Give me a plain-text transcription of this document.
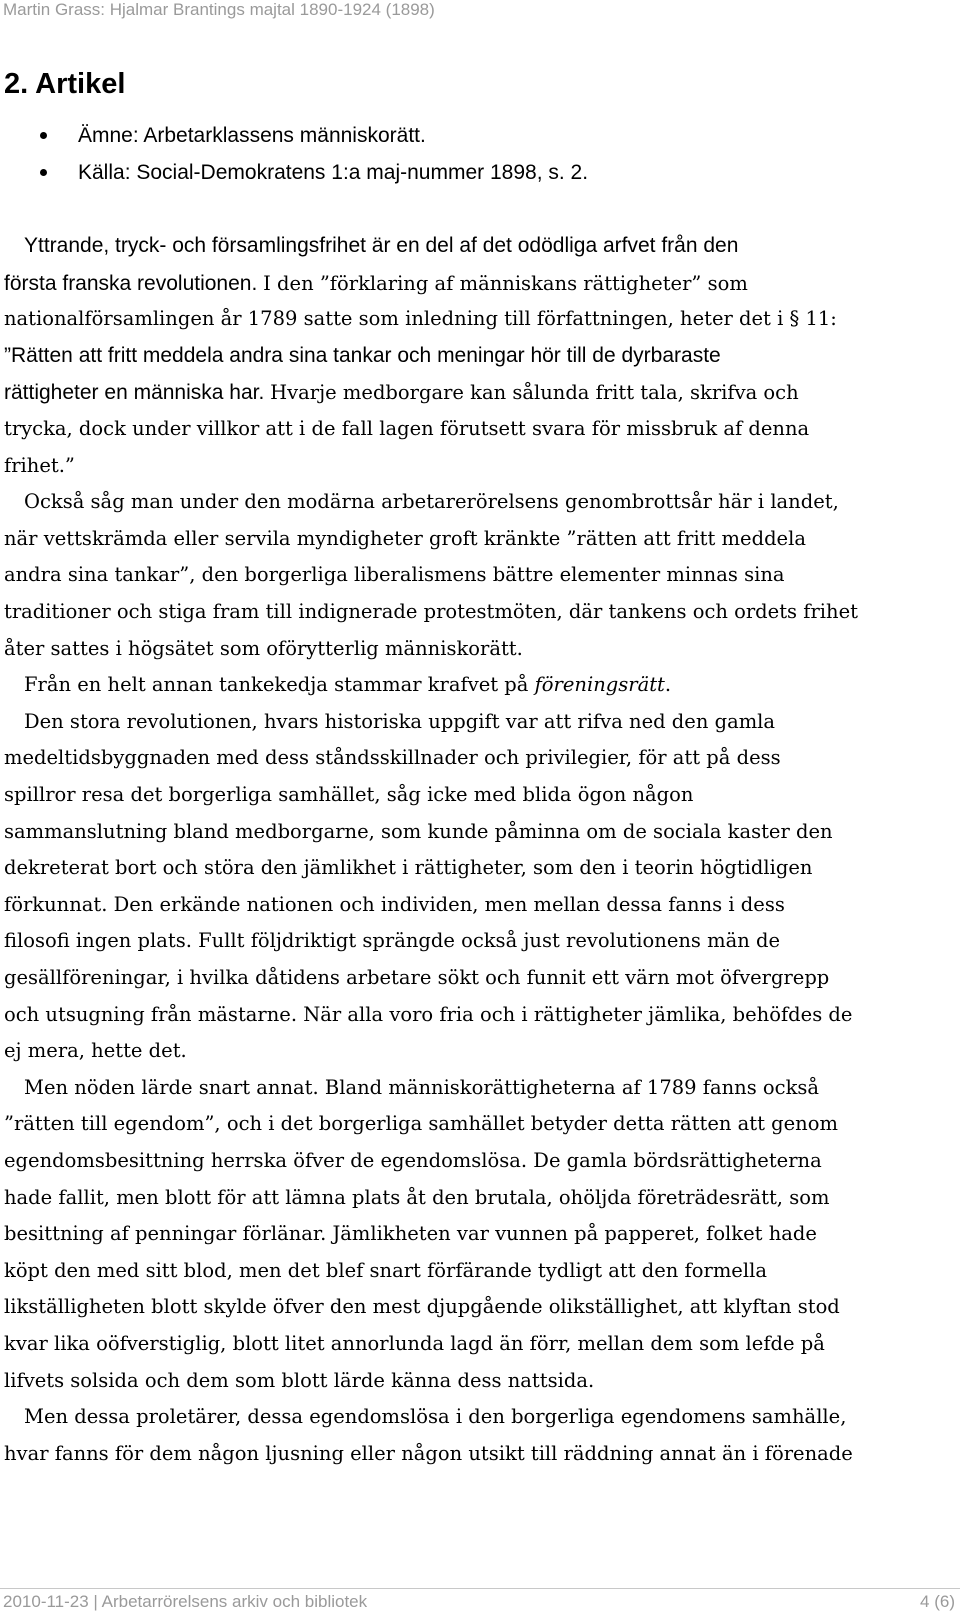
Martin Grass: Hjalmar Brantings majtal 1890-1924 (1898)
2. Artikel
Ämne: Arbetarklassens människorätt.
Källa: Social-Demokratens 1:a maj-nummer 1898, s. 2.
Yttrande, tryck- och församlingsfrihet är en del af det odödliga arfvet från den
första franska revolutionen. I den ”förklaring af människans rättigheter” som
nationalförsamlingen år 1789 satte som inledning till författningen, heter det i § 11:
”Rätten att fritt meddela andra sina tankar och meningar hör till de dyrbaraste
rättigheter en människa har. Hvarje medborgare kan sålunda fritt tala, skrifva och
trycka, dock under villkor att i de fall lagen förutsett svara för missbruk af denna
frihet.”
Också såg man under den modärna arbetarerörelsens genombrottsår här i landet,
när vettskrämda eller servila myndigheter groft kränkte ”rätten att fritt meddela
andra sina tankar”, den borgerliga liberalismens bättre elementer minnas sina
traditioner och stiga fram till indignerade protestmöten, där tankens och ordets frihet
åter sattes i högsätet som oförytterlig människorätt.
Från en helt annan tankekedja stammar krafvet på föreningsrätt.
Den stora revolutionen, hvars historiska uppgift var att rifva ned den gamla
medeltidsbyggnaden med dess ståndsskillnader och privilegier, för att på dess
spillror resa det borgerliga samhället, såg icke med blida ögon någon
sammanslutning bland medborgarne, som kunde påminna om de sociala kaster den
dekreterat bort och störa den jämlikhet i rättigheter, som den i teorin högtidligen
förkunnat. Den erkände nationen och individen, men mellan dessa fanns i dess
filosofi ingen plats. Fullt följdriktigt sprängde också just revolutionens män de
gesällföreningar, i hvilka dåtidens arbetare sökt och funnit ett värn mot öfvergrepp
och utsugning från mästarne. När alla voro fria och i rättigheter jämlika, behöfdes de
ej mera, hette det.
Men nöden lärde snart annat. Bland människorättigheterna af 1789 fanns också
”rätten till egendom”, och i det borgerliga samhället betyder detta rätten att genom
egendomsbesittning herrska öfver de egendomslösa. De gamla bördsrättigheterna
hade fallit, men blott för att lämna plats åt den brutala, ohöljda företrädesrätt, som
besittning af penningar förlänar. Jämlikheten var vunnen på papperet, folket hade
köpt den med sitt blod, men det blef snart förfärande tydligt att den formella
likställigheten blott skylde öfver den mest djupgående olikställighet, att klyftan stod
kvar lika oöfverstiglig, blott litet annorlunda lagd än förr, mellan dem som lefde på
lifvets solsida och dem som blott lärde känna dess nattsida.
Men dessa proletärer, dessa egendomslösa i den borgerliga egendomens samhälle,
hvar fanns för dem någon ljusning eller någon utsikt till räddning annat än i förenade
2010-11-23 | Arbetarrörelsens arkiv och bibliotek	4 (6)
